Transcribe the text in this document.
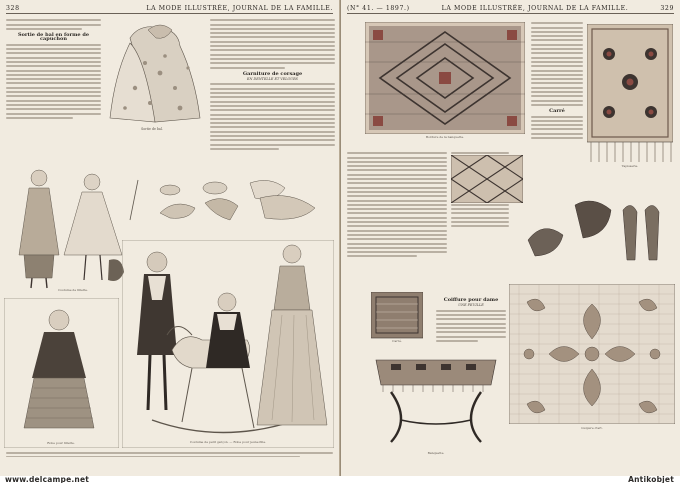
328	LA MODE ILLUSTRÉE, JOURNAL DE LA FAMILLE.
Sortie de bal en forme de capuchon
Sortie de bal.
Garniture de corsage
EN DENTELLE ET VELOURS
Costume de fillette.
Robe pour fillette.	Costume de petit garçon. — Robe pour jeune fille.
(N° 41. — 1897.)	LA MODE ILLUSTRÉE, JOURNAL DE LA FAMILLE.	329
Bordure de la banquette.
Tapisserie.
Carré
Carré.
Coiffure pour dame
UNE FEUILLE
Banquette.
Guipure d'art.
www.delcampe.net	Antikobjet
